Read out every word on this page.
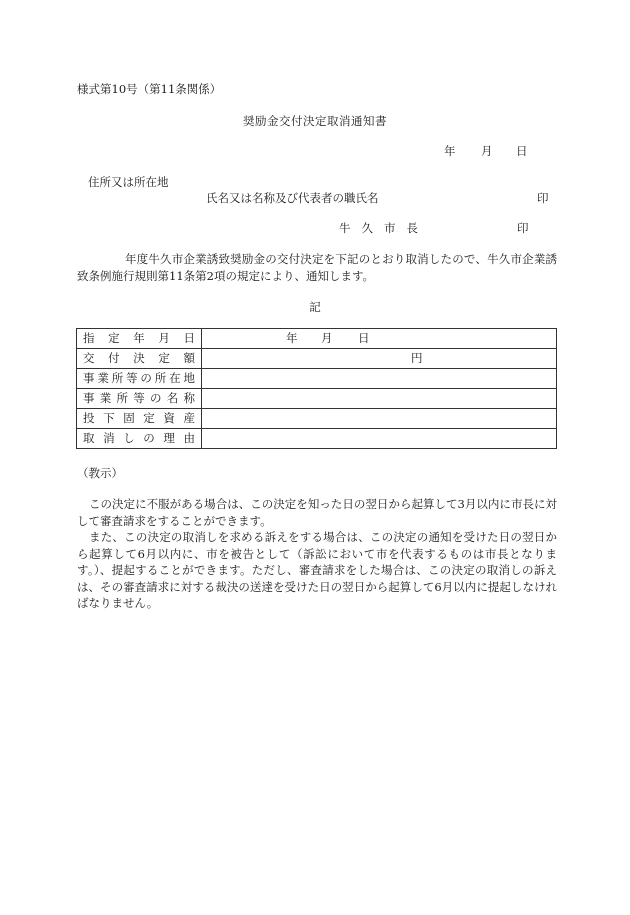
様式第10号（第11条関係）
奨励金交付決定取消通知書
年 月 日
住所又は所在地
氏名又は名称及び代表者の職氏名	印
牛久市長	印
年度牛久市企業誘致奨励金の交付決定を下記のとおり取消したので、牛久市企業誘致条例施行規則第11条第2項の規定により、通知します。
記
指定年月日	年 月 日

交付決定額	円

事業所等の所在地	
事業所等の名称	
投下固定資産	
取消しの理由	
（教示）
この決定に不服がある場合は、この決定を知った日の翌日から起算して3月以内に市長に対して審査請求をすることができます。
また、この決定の取消しを求める訴えをする場合は、この決定の通知を受けた日の翌日から起算して6月以内に、市を被告として（訴訟において市を代表するものは市長となります。）、提起することができます。ただし、審査請求をした場合は、この決定の取消しの訴えは、その審査請求に対する裁決の送達を受けた日の翌日から起算して6月以内に提起しなければなりません。
